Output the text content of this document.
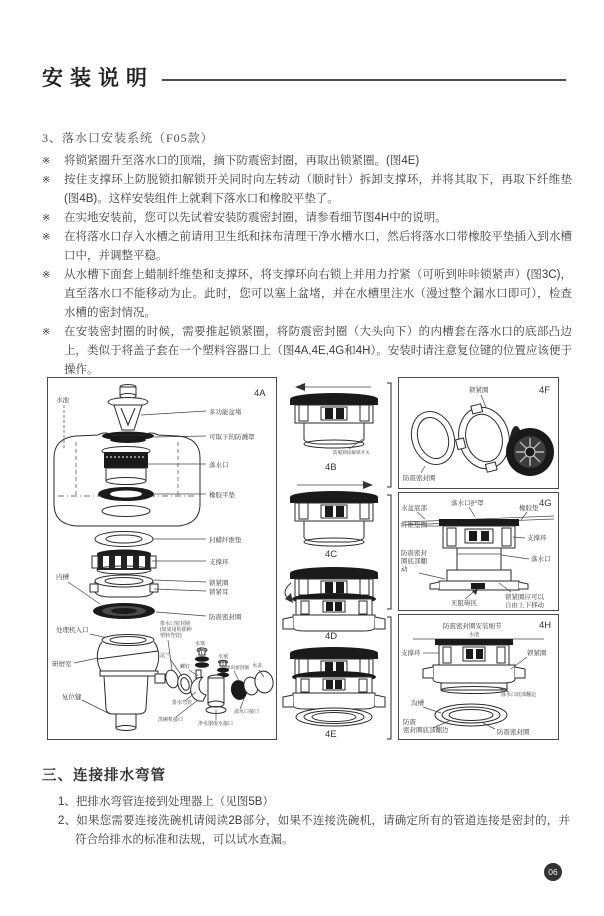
安装说明
3、落水口安装系统（F05款）
※ 将锁紧圈升至落水口的顶端，摘下防震密封圈，再取出锁紧圈。(图4E)
※ 按住支撑环上防脱锁扣解锁开关同时向左转动（顺时针）拆卸支撑环，并将其取下，再取下纤维垫(图4B)。这样安装组件上就剩下落水口和橡胶平垫了。
※ 在实地安装前，您可以先试着安装防震密封圈，请参看细节图4H中的说明。
※ 在将落水口存入水槽之前请用卫生纸和抹布清理干净水槽水口，然后将落水口带橡胶平垫插入到水槽口中，并调整平稳。
※ 从水槽下面套上蜡制纤维垫和支撑环，将支撑环向右锁上并用力拧紧（可听到咔咔锁紧声）(图3C)，直至落水口不能移动为止。此时，您可以塞上盆堵，并在水槽里注水（漫过整个漏水口即可），检查水槽的密封情况。
※ 在安装密封圈的时候，需要推起锁紧圈，将防震密封圈（大头向下）的内槽套在落水口的底部凸边上，类似于将盖子套在一个塑料容器口上（图4A,4E,4G和4H）。安装时请注意复位键的位置应该便于操作。
4A
水池
多功能盆堵
可取下的防溅罩
落水口
橡胶平垫
封蜡纤维垫
支撑环
锁紧圈
锁紧耳
内槽
防震密封圈
处理机入口
研磨室
复位键
排水口密封圈
(如果用的那种
塑料弯管)
法兰
螺钉
水塞
水塞
单向密封圈 水盖
排水弯管
洗碗机接口
净水器废水接口
溢水口接口
防脱锁扣解锁开关
4B
4C
4D
4E
4F
锁紧圈
防震密封圈
4G
水盆底部
落水口护罩
橡胶垫
纤维垫圈
支撑环
落水口
防震密封
圈底部翻
动
无阻碍区
锁紧圈应可以
自由上下移动
4H
防震密封圈安装细节
水池
支撑环	锁紧圈
落水口底部翻边
沟槽
防震
密封圈底部翻边	防震密封圈
三、连接排水弯管
1、把排水弯管连接到处理器上（见图5B）
2、如果您需要连接洗碗机请阅读2B部分，如果不连接洗碗机，请确定所有的管道连接是密封的，并符合给排水的标准和法规，可以试水查漏。
06
